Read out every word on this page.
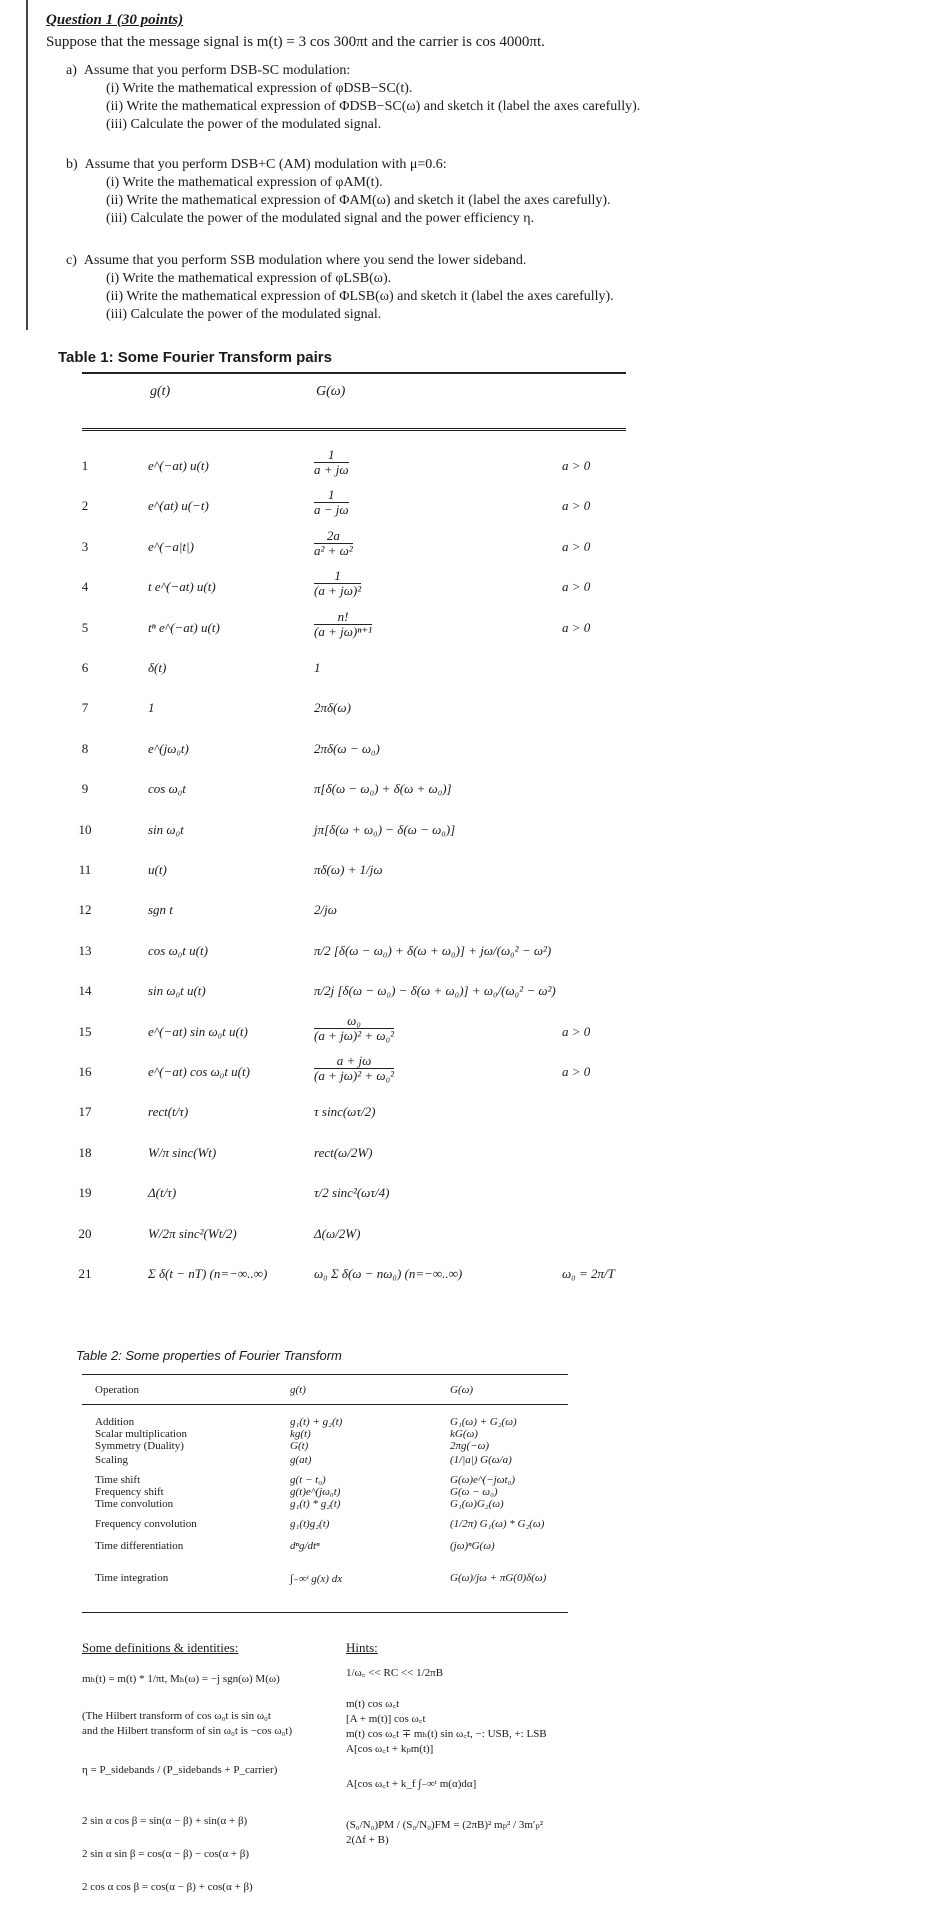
Question 1 (30 points)
Suppose that the message signal is m(t) = 3 cos 300πt and the carrier is cos 4000πt.
a) Assume that you perform DSB-SC modulation:
(i) Write the mathematical expression of φDSB−SC(t).
(ii) Write the mathematical expression of ΦDSB−SC(ω) and sketch it (label the axes carefully).
(iii) Calculate the power of the modulated signal.
b) Assume that you perform DSB+C (AM) modulation with μ=0.6:
(i) Write the mathematical expression of φAM(t).
(ii) Write the mathematical expression of ΦAM(ω) and sketch it (label the axes carefully).
(iii) Calculate the power of the modulated signal and the power efficiency η.
c) Assume that you perform SSB modulation where you send the lower sideband.
(i) Write the mathematical expression of φLSB(ω).
(ii) Write the mathematical expression of ΦLSB(ω) and sketch it (label the axes carefully).
(iii) Calculate the power of the modulated signal.
Table 1: Some Fourier Transform pairs
g(t)	G(ω)
1	e^(−at) u(t)	$\frac{1}{a + j\omega}$	a > 0
2	e^(at) u(−t)	$\frac{1}{a - j\omega}$	a > 0
3	e^(−a|t|)	$\frac{2a}{\text{a² + ω²}}$	a > 0
4	t e^(−at) u(t)	$\frac{1}{\text{(a + jω)²}}$	a > 0
5	tⁿ e^(−at) u(t)	$\frac{n!}{\text{(a + jω)ⁿ⁺¹}}$	a > 0
6	δ(t)	1
7	1	2πδ(ω)
8	e^(jω₀t)	2πδ(ω − ω₀)
9	cos ω₀t	π[δ(ω − ω₀) + δ(ω + ω₀)]
10	sin ω₀t	jπ[δ(ω + ω₀) − δ(ω − ω₀)]
11	u(t)	πδ(ω) + 1/jω
12	sgn t	2/jω
13	cos ω₀t u(t)	π/2 [δ(ω − ω₀) + δ(ω + ω₀)] + jω/(ω₀² − ω²)
14	sin ω₀t u(t)	π/2j [δ(ω − ω₀) − δ(ω + ω₀)] + ω₀/(ω₀² − ω²)
15	e^(−at) sin ω₀t u(t)	$\frac{\text{ω₀}}{\text{(a + jω)² + ω₀²}}$	a > 0
16	e^(−at) cos ω₀t u(t)	$\frac{a + j\omega}{\text{(a + jω)² + ω₀²}}$	a > 0
17	rect(t/τ)	τ sinc(ωτ/2)
18	W/π sinc(Wt)	rect(ω/2W)
19	Δ(t/τ)	τ/2 sinc²(ωτ/4)
20	W/2π sinc²(Wt/2)	Δ(ω/2W)
21	Σ δ(t − nT) (n=−∞..∞)	ω₀ Σ δ(ω − nω₀) (n=−∞..∞)	ω₀ = 2π/T
Table 2: Some properties of Fourier Transform
Operation	g(t)	G(ω)
Addition	g₁(t) + g₂(t)	G₁(ω) + G₂(ω)
Scalar multiplication	kg(t)	kG(ω)
Symmetry (Duality)	G(t)	2πg(−ω)
Scaling	g(at)	(1/|a|) G(ω/a)
Time shift	g(t − t₀)	G(ω)e^(−jωt₀)
Frequency shift	g(t)e^(jω₀t)	G(ω − ω₀)
Time convolution	g₁(t) * g₂(t)	G₁(ω)G₂(ω)
Frequency convolution	g₁(t)g₂(t)	(1/2π) G₁(ω) * G₂(ω)
Time differentiation	dⁿg/dtⁿ	(jω)ⁿG(ω)
Time integration	∫₋∞ᵗ g(x) dx	G(ω)/jω + πG(0)δ(ω)
Some definitions & identities:
mₕ(t) = m(t) * 1/πt, Mₕ(ω) = −j sgn(ω) M(ω)
(The Hilbert transform of cos ω₀t is sin ω₀t
and the Hilbert transform of sin ω₀t is −cos ω₀t)
η = P_sidebands / (P_sidebands + P_carrier)
2 sin α cos β = sin(α − β) + sin(α + β)
2 sin α sin β = cos(α − β) − cos(α + β)
2 cos α cos β = cos(α − β) + cos(α + β)
Hints:
1/ω꜀ << RC << 1/2πB
m(t) cos ω꜀t
[A + m(t)] cos ω꜀t
m(t) cos ω꜀t ∓ mₕ(t) sin ω꜀t, −: USB, +: LSB
A[cos ω꜀t + kₚm(t)]
A[cos ω꜀t + k_f ∫₋∞ᵗ m(α)dα]
(S₀/N₀)PM / (S₀/N₀)FM = (2πB)² mₚ² / 3m′ₚ²
2(Δf + B)
